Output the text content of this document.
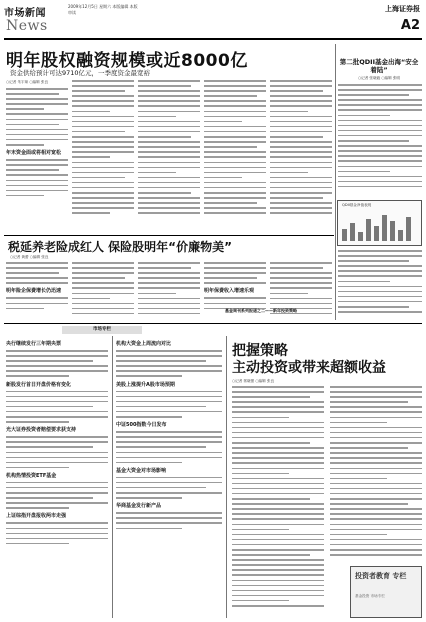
市场新闻
2009年12月5日 星期六 本版编辑 本版审读
News
上海证券报
A2
明年股权融资规模或近8000亿
资金供给预计可达9710亿元，一季度资金最宽裕
○记者 朱宇琛 ○编辑 张良
年末资金面或将相对宽松
第二批QDII基金出海“安全着陆”
○记者 张晓毅 ○编辑 张明
QDII基金净值表现
税延养老险成红人 保险股明年“价廉物美”
○记者 黄蕾 ○编辑 张良
明年险企保费增长仍迅速	明年保费收入增速乐观
基金周刊系列报道之二——新年投资策略
市场专栏
央行继续发行三年期央票
新股发行首日开盘价格有变化
光大证券投资者赔偿要求获支持
机构热情投资ETF基金
上证综指开盘报收两市走强
机构大资金上周流向对比
美股上涨提升A股市场预期
中证500指数今日发布
基金大资金对市场影响
华商基金发行新产品
把握策略
主动投资或带来超额收益
○记者 郭晓蕾 ○编辑 张良
投资者教育 专栏
基金投资 市场专栏
